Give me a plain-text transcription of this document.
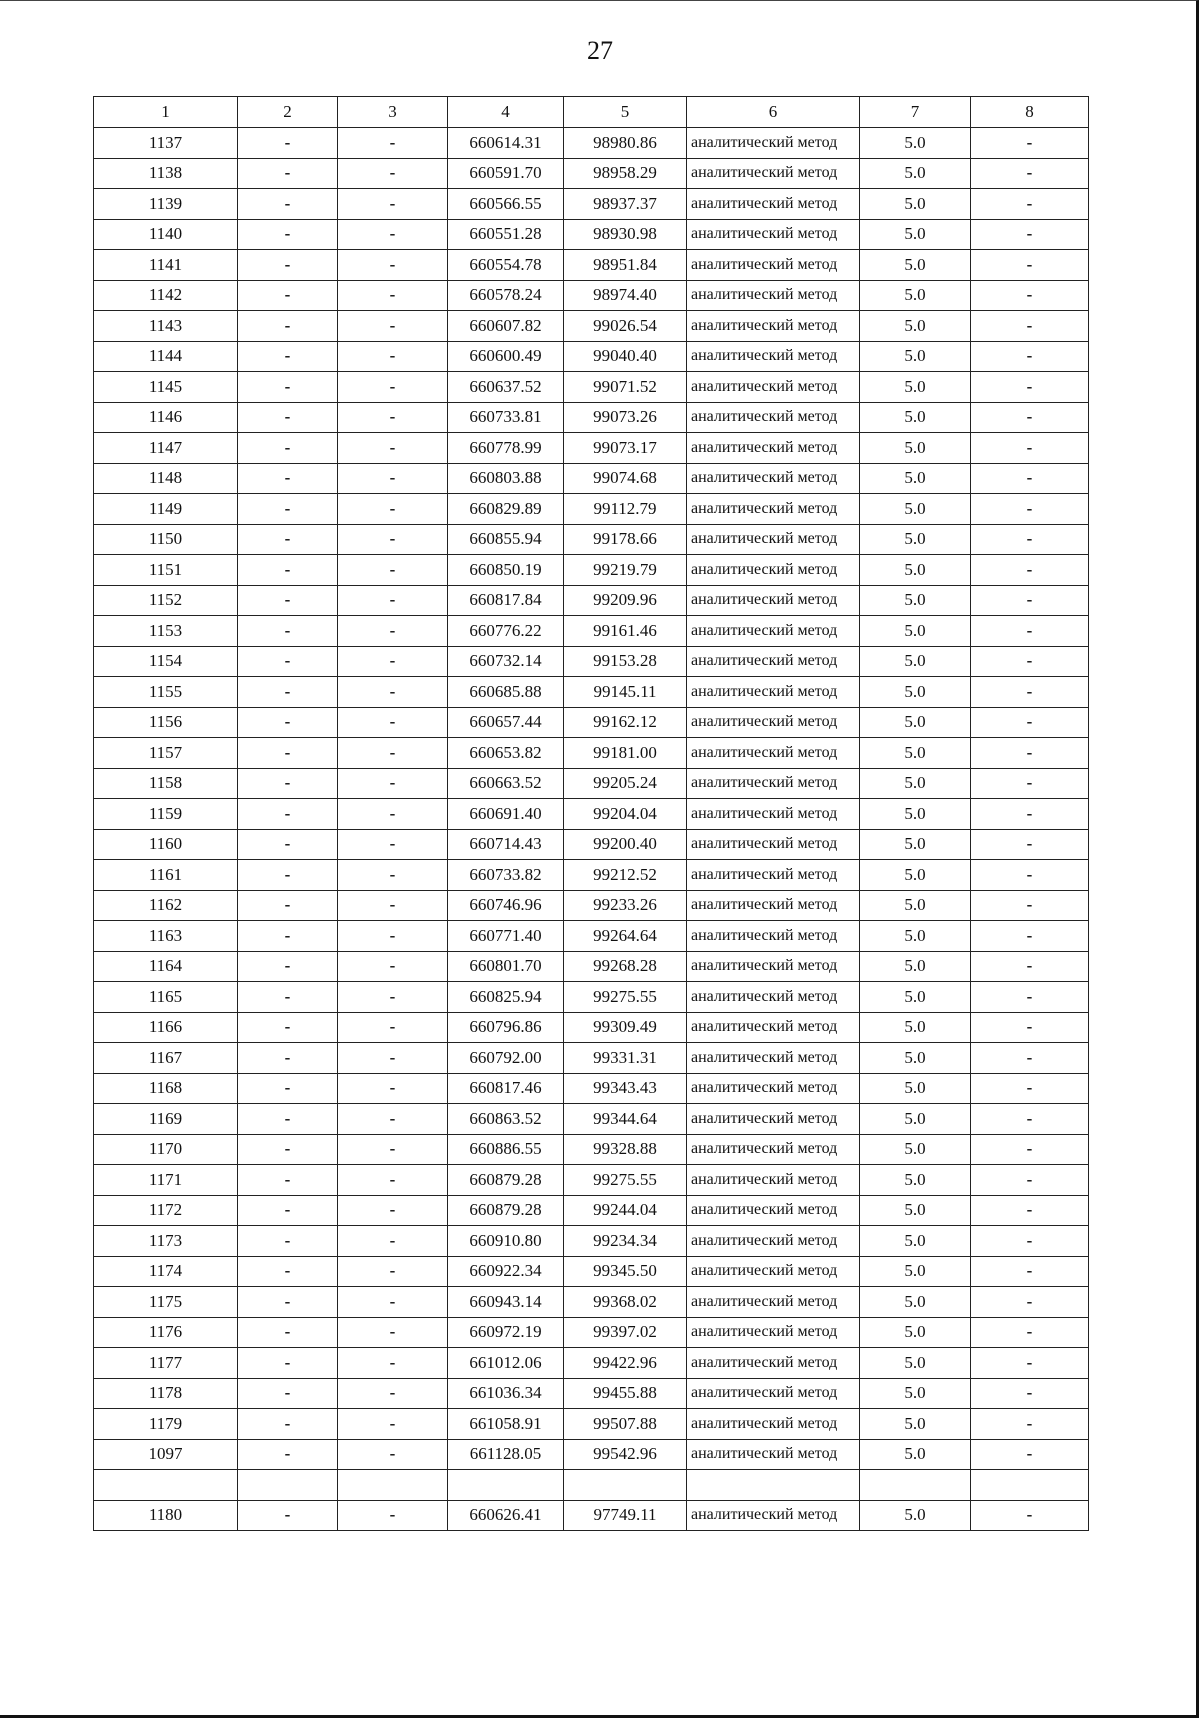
27
1	2	3	4	5	6	7	8
1137	-	-	660614.31	98980.86	аналитический метод	5.0	-
1138	-	-	660591.70	98958.29	аналитический метод	5.0	-
1139	-	-	660566.55	98937.37	аналитический метод	5.0	-
1140	-	-	660551.28	98930.98	аналитический метод	5.0	-
1141	-	-	660554.78	98951.84	аналитический метод	5.0	-
1142	-	-	660578.24	98974.40	аналитический метод	5.0	-
1143	-	-	660607.82	99026.54	аналитический метод	5.0	-
1144	-	-	660600.49	99040.40	аналитический метод	5.0	-
1145	-	-	660637.52	99071.52	аналитический метод	5.0	-
1146	-	-	660733.81	99073.26	аналитический метод	5.0	-
1147	-	-	660778.99	99073.17	аналитический метод	5.0	-
1148	-	-	660803.88	99074.68	аналитический метод	5.0	-
1149	-	-	660829.89	99112.79	аналитический метод	5.0	-
1150	-	-	660855.94	99178.66	аналитический метод	5.0	-
1151	-	-	660850.19	99219.79	аналитический метод	5.0	-
1152	-	-	660817.84	99209.96	аналитический метод	5.0	-
1153	-	-	660776.22	99161.46	аналитический метод	5.0	-
1154	-	-	660732.14	99153.28	аналитический метод	5.0	-
1155	-	-	660685.88	99145.11	аналитический метод	5.0	-
1156	-	-	660657.44	99162.12	аналитический метод	5.0	-
1157	-	-	660653.82	99181.00	аналитический метод	5.0	-
1158	-	-	660663.52	99205.24	аналитический метод	5.0	-
1159	-	-	660691.40	99204.04	аналитический метод	5.0	-
1160	-	-	660714.43	99200.40	аналитический метод	5.0	-
1161	-	-	660733.82	99212.52	аналитический метод	5.0	-
1162	-	-	660746.96	99233.26	аналитический метод	5.0	-
1163	-	-	660771.40	99264.64	аналитический метод	5.0	-
1164	-	-	660801.70	99268.28	аналитический метод	5.0	-
1165	-	-	660825.94	99275.55	аналитический метод	5.0	-
1166	-	-	660796.86	99309.49	аналитический метод	5.0	-
1167	-	-	660792.00	99331.31	аналитический метод	5.0	-
1168	-	-	660817.46	99343.43	аналитический метод	5.0	-
1169	-	-	660863.52	99344.64	аналитический метод	5.0	-
1170	-	-	660886.55	99328.88	аналитический метод	5.0	-
1171	-	-	660879.28	99275.55	аналитический метод	5.0	-
1172	-	-	660879.28	99244.04	аналитический метод	5.0	-
1173	-	-	660910.80	99234.34	аналитический метод	5.0	-
1174	-	-	660922.34	99345.50	аналитический метод	5.0	-
1175	-	-	660943.14	99368.02	аналитический метод	5.0	-
1176	-	-	660972.19	99397.02	аналитический метод	5.0	-
1177	-	-	661012.06	99422.96	аналитический метод	5.0	-
1178	-	-	661036.34	99455.88	аналитический метод	5.0	-
1179	-	-	661058.91	99507.88	аналитический метод	5.0	-
1097	-	-	661128.05	99542.96	аналитический метод	5.0	-

1180	-	-	660626.41	97749.11	аналитический метод	5.0	-
